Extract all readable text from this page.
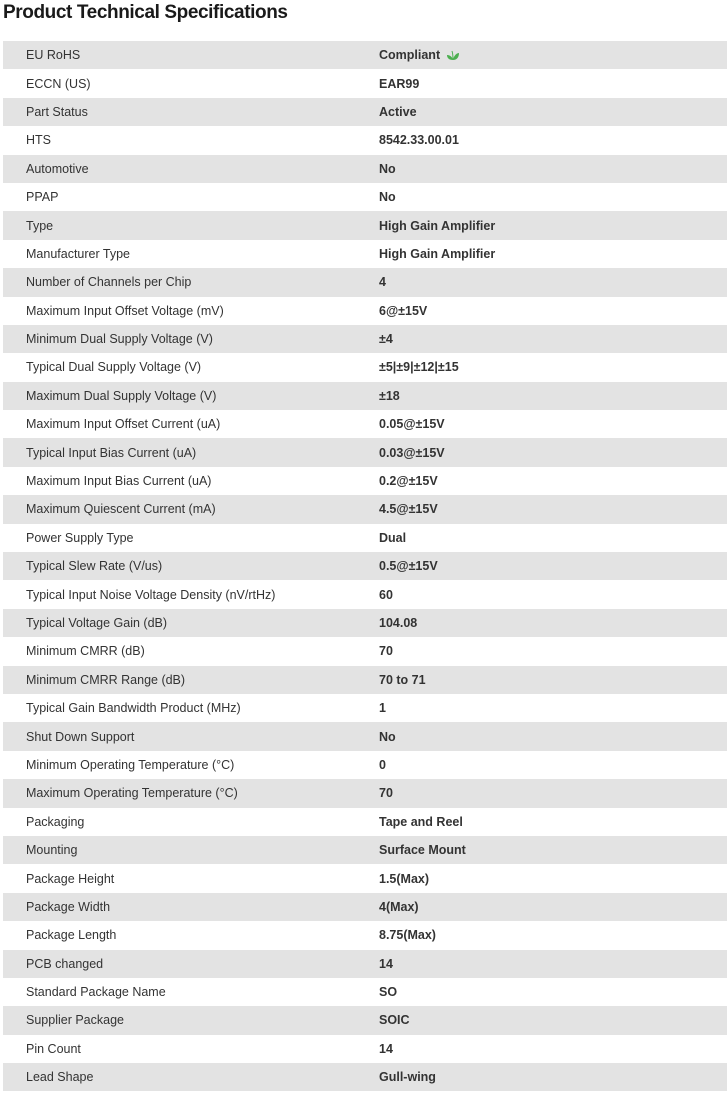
Product Technical Specifications
EU RoHS	Compliant
ECCN (US)	EAR99
Part Status	Active
HTS	8542.33.00.01
Automotive	No
PPAP	No
Type	High Gain Amplifier
Manufacturer Type	High Gain Amplifier
Number of Channels per Chip	4
Maximum Input Offset Voltage (mV)	6@±15V
Minimum Dual Supply Voltage (V)	±4
Typical Dual Supply Voltage (V)	±5|±9|±12|±15
Maximum Dual Supply Voltage (V)	±18
Maximum Input Offset Current (uA)	0.05@±15V
Typical Input Bias Current (uA)	0.03@±15V
Maximum Input Bias Current (uA)	0.2@±15V
Maximum Quiescent Current (mA)	4.5@±15V
Power Supply Type	Dual
Typical Slew Rate (V/us)	0.5@±15V
Typical Input Noise Voltage Density (nV/rtHz)	60
Typical Voltage Gain (dB)	104.08
Minimum CMRR (dB)	70
Minimum CMRR Range (dB)	70 to 71
Typical Gain Bandwidth Product (MHz)	1
Shut Down Support	No
Minimum Operating Temperature (°C)	0
Maximum Operating Temperature (°C)	70
Packaging	Tape and Reel
Mounting	Surface Mount
Package Height	1.5(Max)
Package Width	4(Max)
Package Length	8.75(Max)
PCB changed	14
Standard Package Name	SO
Supplier Package	SOIC
Pin Count	14
Lead Shape	Gull-wing
